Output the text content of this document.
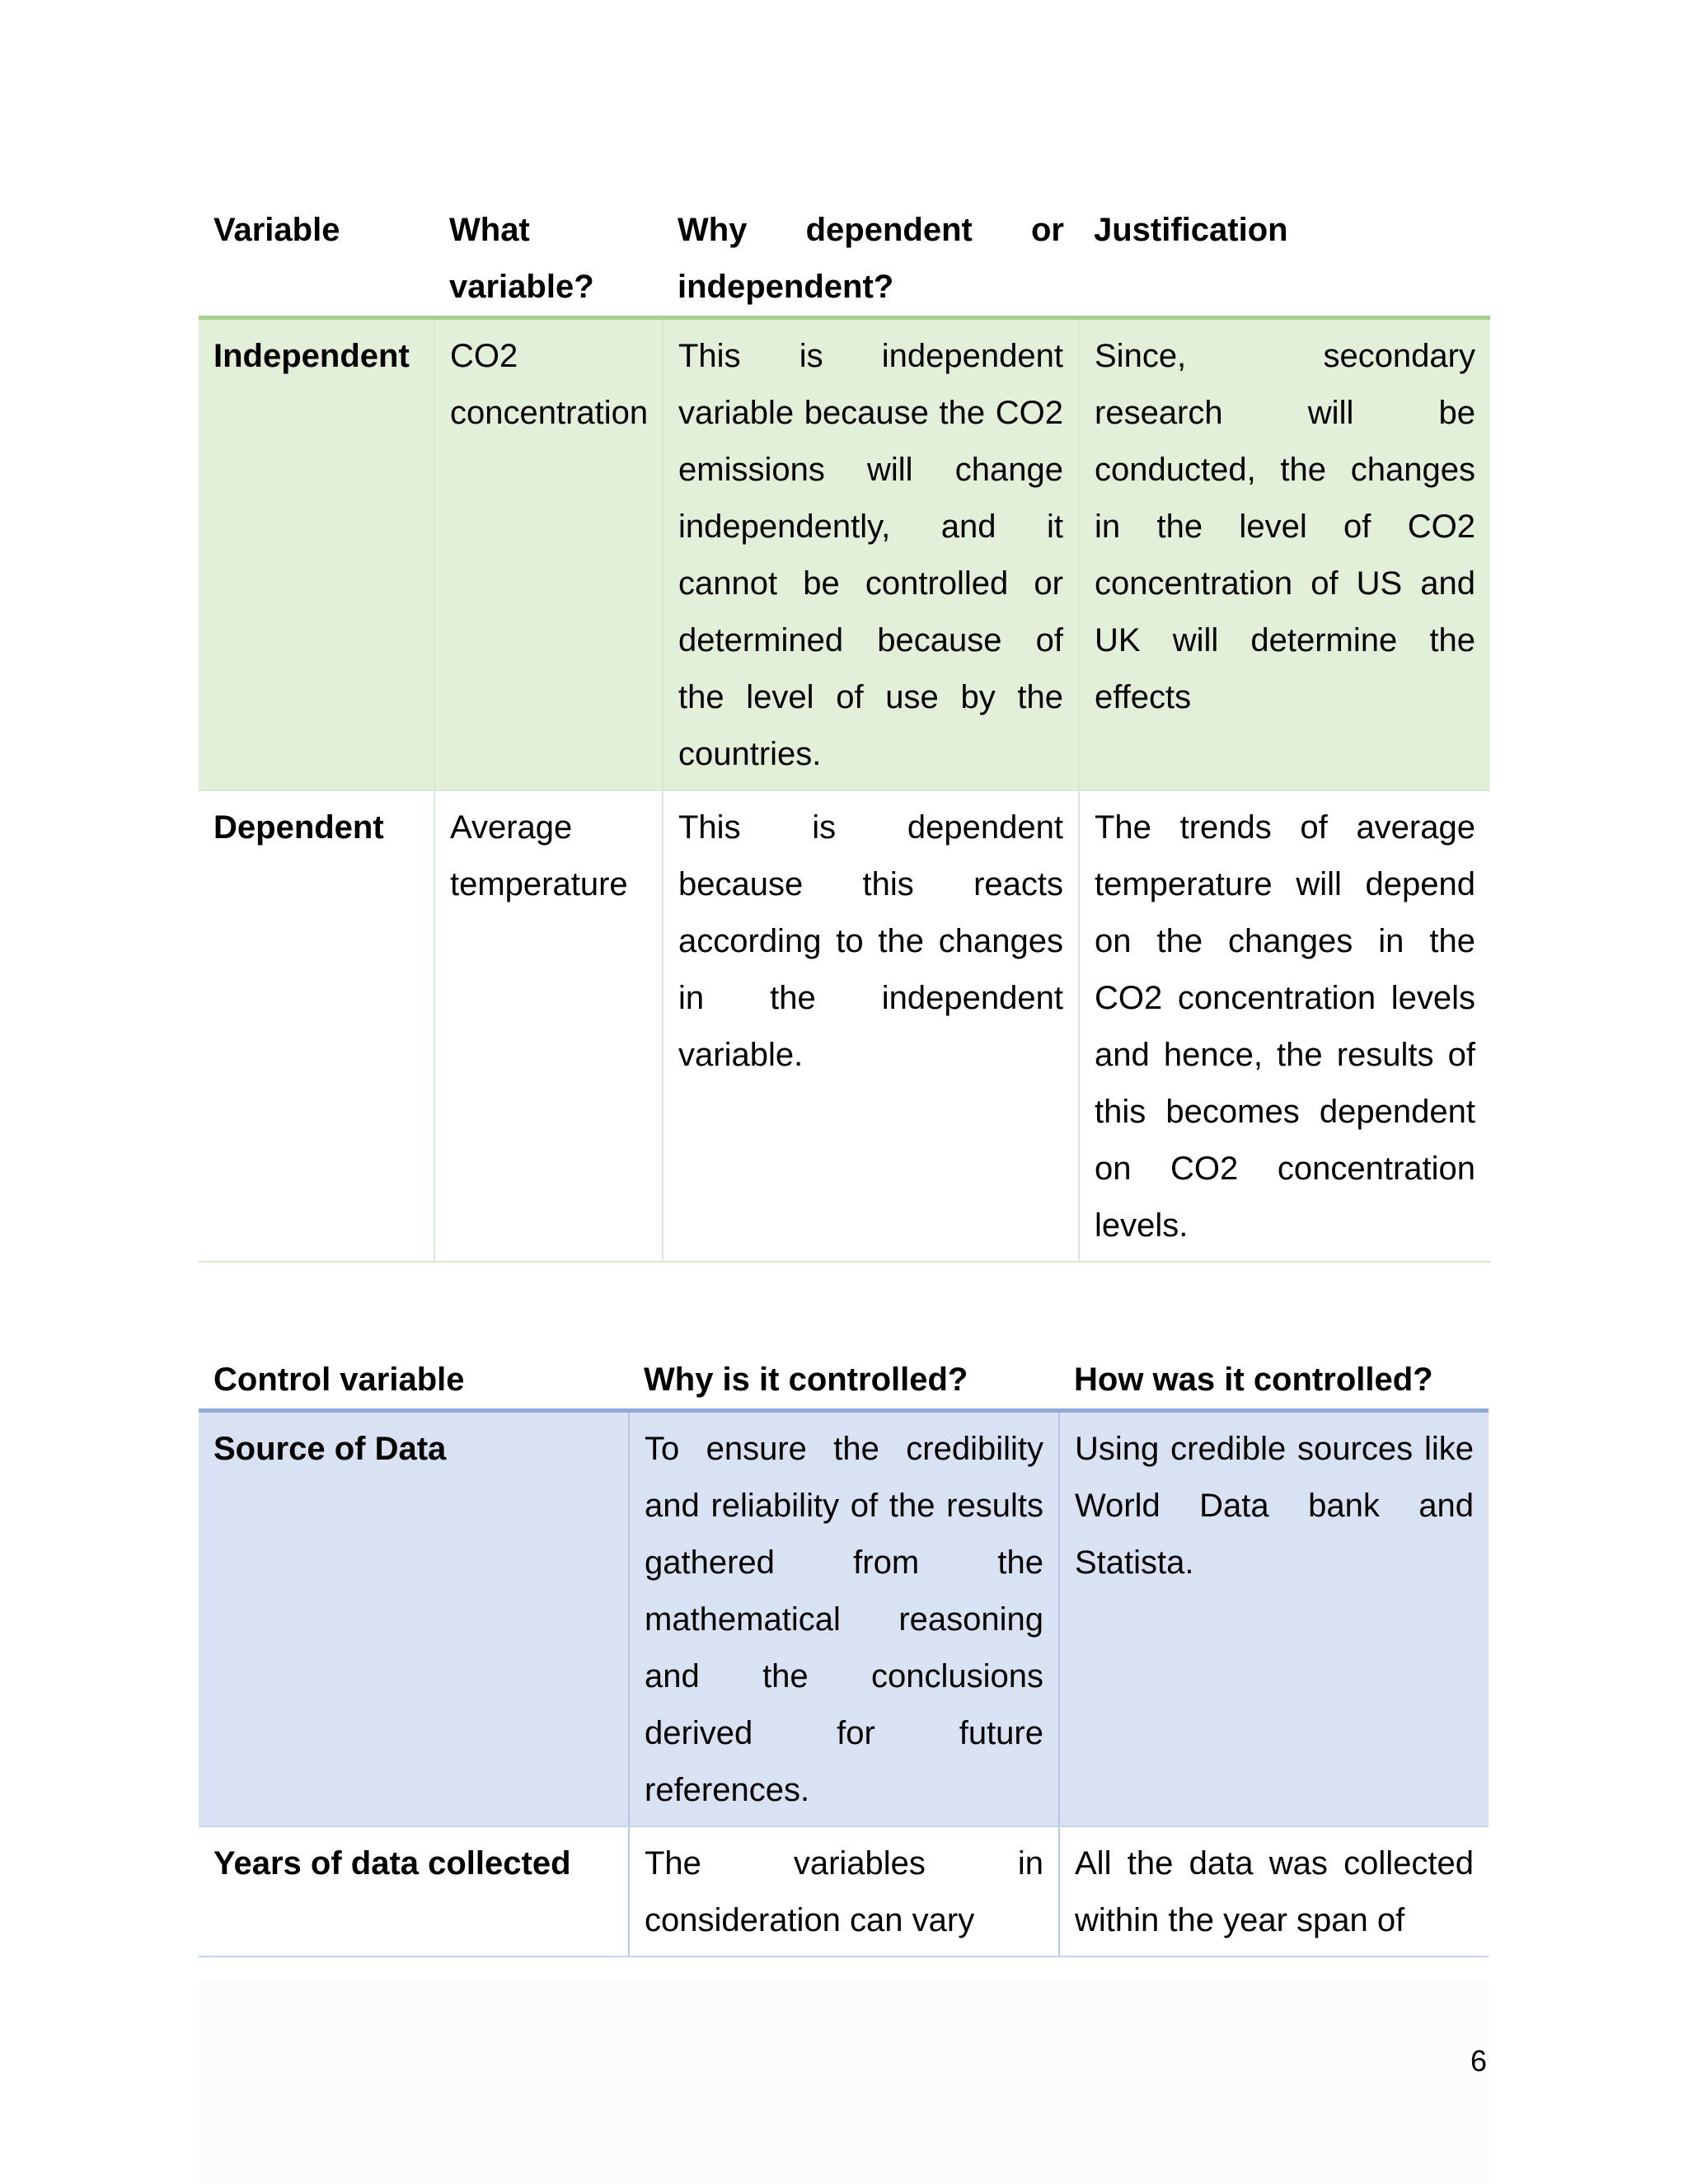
Variable	What variable?	Why dependent or independent?	Justification
Independent	CO2 concentration	This is independent variable because the CO2 emissions will change independently, and it cannot be controlled or determined because of the level of use by the countries.	Since, secondary research will be conducted, the changes in the level of CO2 concentration of US and UK will determine the effects
Dependent	Average temperature	This is dependent because this reacts according to the changes in the independent variable.	The trends of average temperature will depend on the changes in the CO2 concentration levels and hence, the results of this becomes dependent on CO2 concentration levels.
Control variable	Why is it controlled?	How was it controlled?
Source of Data	To ensure the credibility and reliability of the results gathered from the mathematical reasoning and the conclusions derived for future references.	Using credible sources like World Data bank and Statista.
Years of data collected	The variables in consideration can vary	All the data was collected within the year span of
6
